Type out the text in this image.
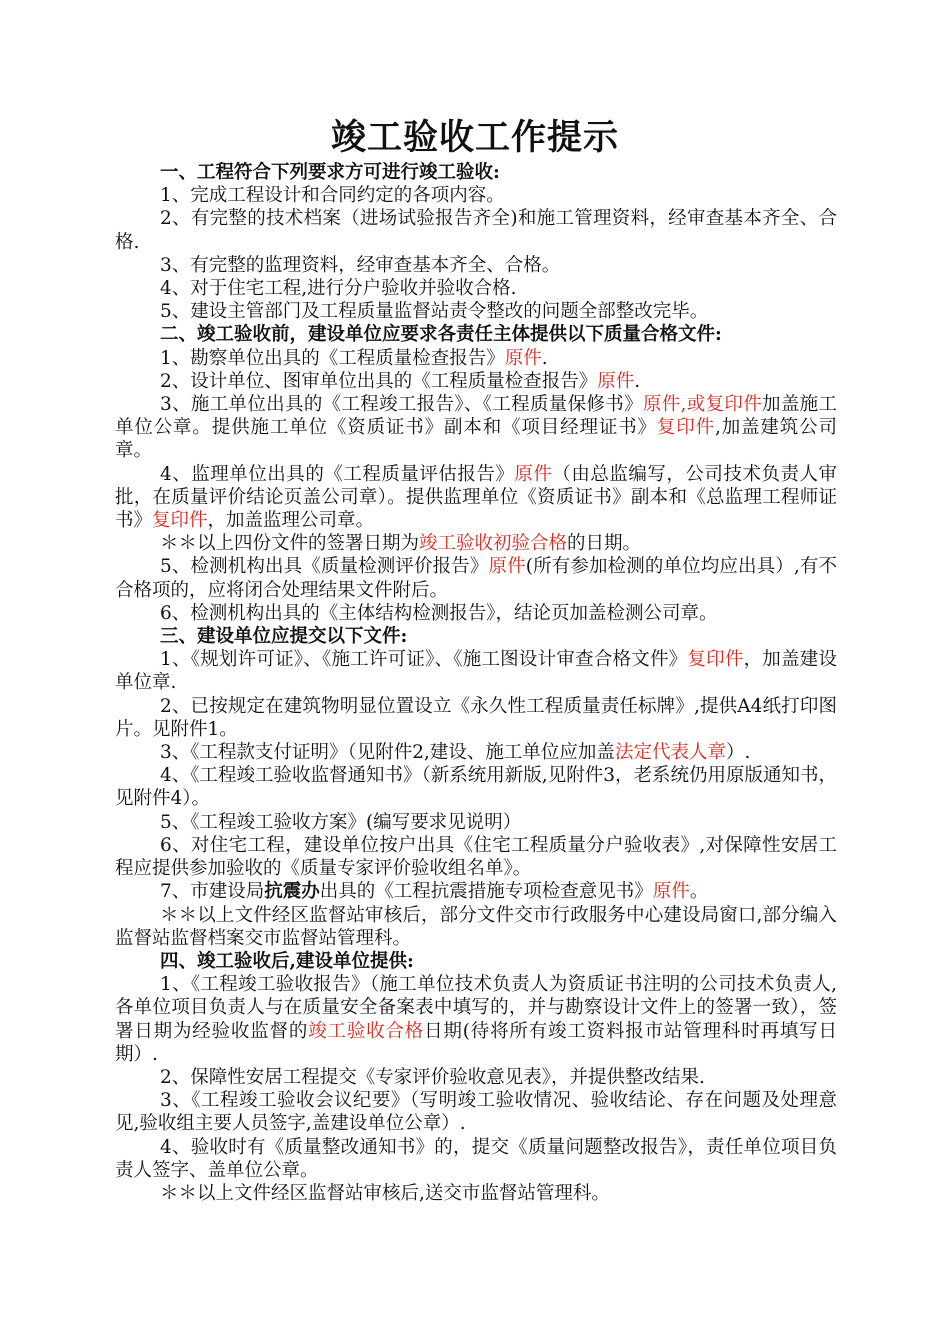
竣工验收工作提示

一、工程符合下列要求方可进行竣工验收:

1、完成工程设计和合同约定的各项内容。

2、有完整的技术档案（进场试验报告齐全)和施工管理资料，经审查基本齐全、合格.

3、有完整的监理资料，经审查基本齐全、合格。

4、对于住宅工程,进行分户验收并验收合格.

5、建设主管部门及工程质量监督站责令整改的问题全部整改完毕。

二、竣工验收前，建设单位应要求各责任主体提供以下质量合格文件:

1、勘察单位出具的《工程质量检查报告》原件.

2、设计单位、图审单位出具的《工程质量检查报告》原件.

3、施工单位出具的《工程竣工报告》、《工程质量保修书》原件,或复印件加盖施工单位公章。提供施工单位《资质证书》副本和《项目经理证书》复印件,加盖建筑公司章。

4、监理单位出具的《工程质量评估报告》原件（由总监编写，公司技术负责人审批，在质量评价结论页盖公司章）。提供监理单位《资质证书》副本和《总监理工程师证书》复印件，加盖监理公司章。

＊＊以上四份文件的签署日期为竣工验收初验合格的日期。

5、检测机构出具《质量检测评价报告》原件(所有参加检测的单位均应出具）,有不合格项的，应将闭合处理结果文件附后。

6、检测机构出具的《主体结构检测报告》，结论页加盖检测公司章。

三、建设单位应提交以下文件:

1、《规划许可证》、《施工许可证》、《施工图设计审查合格文件》复印件，加盖建设单位章.

2、已按规定在建筑物明显位置设立《永久性工程质量责任标牌》,提供A4纸打印图片。见附件1。

3、《工程款支付证明》（见附件2,建设、施工单位应加盖法定代表人章）.

4、《工程竣工验收监督通知书》（新系统用新版,见附件3，老系统仍用原版通知书，见附件4）。

5、《工程竣工验收方案》(编写要求见说明）

6、对住宅工程，建设单位按户出具《住宅工程质量分户验收表》,对保障性安居工程应提供参加验收的《质量专家评价验收组名单》。

7、市建设局抗震办出具的《工程抗震措施专项检查意见书》原件。

＊＊以上文件经区监督站审核后，部分文件交市行政服务中心建设局窗口,部分编入监督站监督档案交市监督站管理科。

四、竣工验收后,建设单位提供:

1、《工程竣工验收报告》（施工单位技术负责人为资质证书注明的公司技术负责人,各单位项目负责人与在质量安全备案表中填写的，并与勘察设计文件上的签署一致），签署日期为经验收监督的竣工验收合格日期(待将所有竣工资料报市站管理科时再填写日期）.

2、保障性安居工程提交《专家评价验收意见表》，并提供整改结果.

3、《工程竣工验收会议纪要》（写明竣工验收情况、验收结论、存在问题及处理意见,验收组主要人员签字,盖建设单位公章）.

4、验收时有《质量整改通知书》的，提交《质量问题整改报告》，责任单位项目负责人签字、盖单位公章。

＊＊以上文件经区监督站审核后,送交市监督站管理科。
